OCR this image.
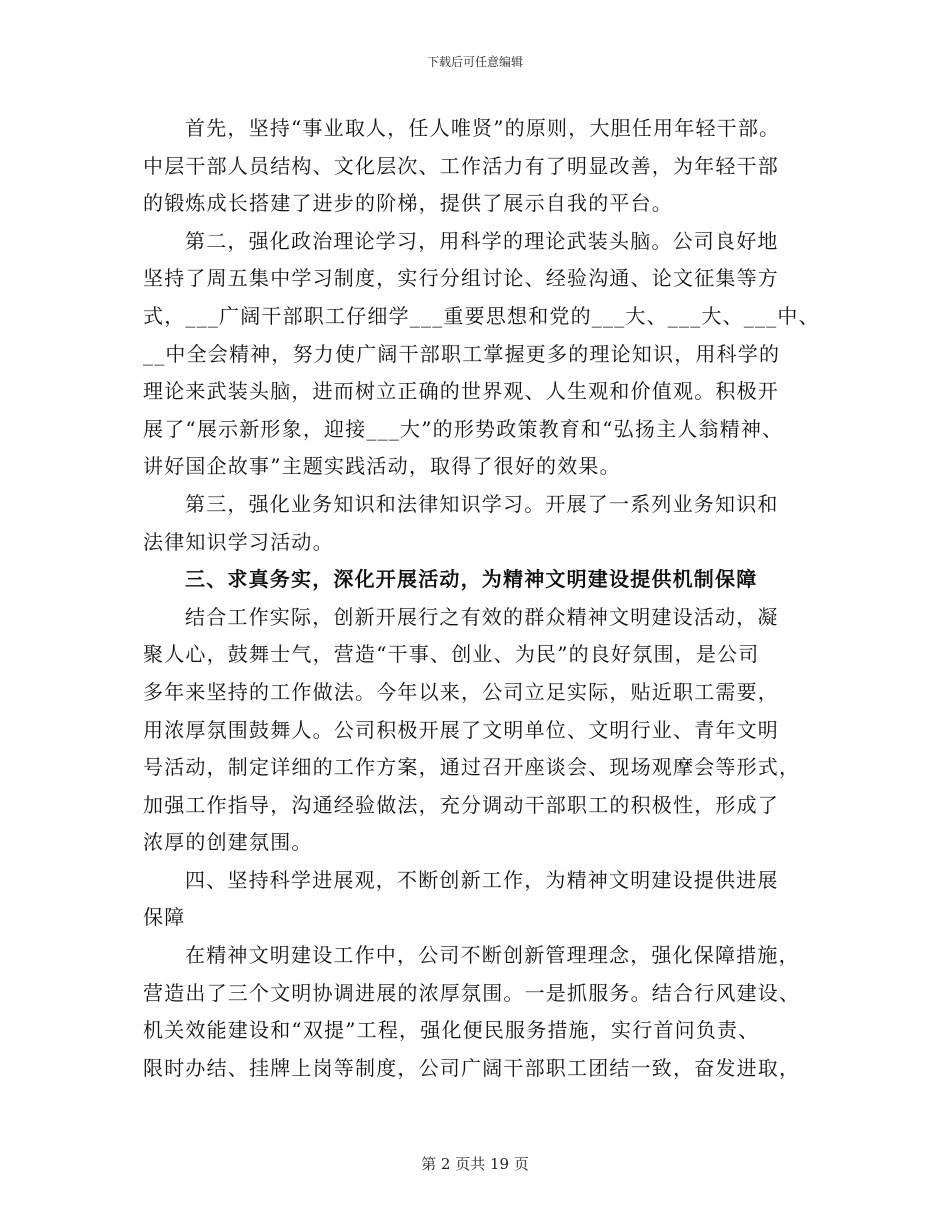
下载后可任意编辑
首先，坚持“事业取人，任人唯贤”的原则，大胆任用年轻干部。
中层干部人员结构、文化层次、工作活力有了明显改善，为年轻干部
的锻炼成长搭建了进步的阶梯，提供了展示自我的平台。
第二，强化政治理论学习，用科学的理论武装头脑。公司良好地
坚持了周五集中学习制度，实行分组讨论、经验沟通、论文征集等方
式，___广阔干部职工仔细学___重要思想和党的___大、___大、___中、
__中全会精神，努力使广阔干部职工掌握更多的理论知识，用科学的
理论来武装头脑，进而树立正确的世界观、人生观和价值观。积极开
展了“展示新形象，迎接___大”的形势政策教育和“弘扬主人翁精神、
讲好国企故事”主题实践活动，取得了很好的效果。
第三，强化业务知识和法律知识学习。开展了一系列业务知识和
法律知识学习活动。
三、求真务实，深化开展活动，为精神文明建设提供机制保障
结合工作实际，创新开展行之有效的群众精神文明建设活动，凝
聚人心，鼓舞士气，营造“干事、创业、为民”的良好氛围，是公司
多年来坚持的工作做法。今年以来，公司立足实际，贴近职工需要，
用浓厚氛围鼓舞人。公司积极开展了文明单位、文明行业、青年文明
号活动，制定详细的工作方案，通过召开座谈会、现场观摩会等形式，
加强工作指导，沟通经验做法，充分调动干部职工的积极性，形成了
浓厚的创建氛围。
四、坚持科学进展观，不断创新工作，为精神文明建设提供进展
保障
在精神文明建设工作中，公司不断创新管理理念，强化保障措施，
营造出了三个文明协调进展的浓厚氛围。一是抓服务。结合行风建设、
机关效能建设和“双提”工程，强化便民服务措施，实行首问负责、
限时办结、挂牌上岗等制度，公司广阔干部职工团结一致，奋发进取，
第 2 页共 19 页
